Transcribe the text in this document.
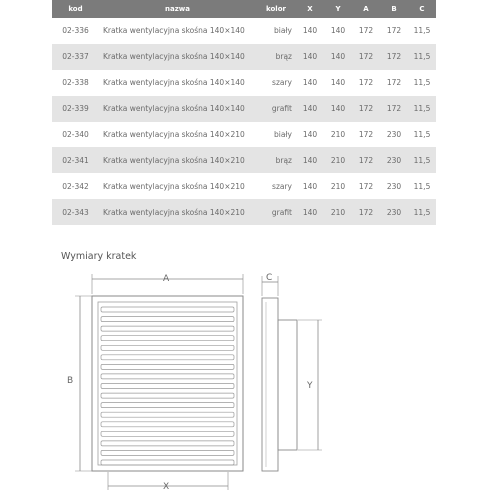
kod	nazwa	kolor	X	Y	A	B	C
02-336	Kratka wentylacyjna skośna 140×140	biały	140	140	172	172	11,5
02-337	Kratka wentylacyjna skośna 140×140	brąz	140	140	172	172	11,5
02-338	Kratka wentylacyjna skośna 140×140	szary	140	140	172	172	11,5
02-339	Kratka wentylacyjna skośna 140×140	grafit	140	140	172	172	11,5
02-340	Kratka wentylacyjna skośna 140×210	biały	140	210	172	230	11,5
02-341	Kratka wentylacyjna skośna 140×210	brąz	140	210	172	230	11,5
02-342	Kratka wentylacyjna skośna 140×210	szary	140	210	172	230	11,5
02-343	Kratka wentylacyjna skośna 140×210	grafit	140	210	172	230	11,5
Wymiary kratek
A
B
X
C
Y
